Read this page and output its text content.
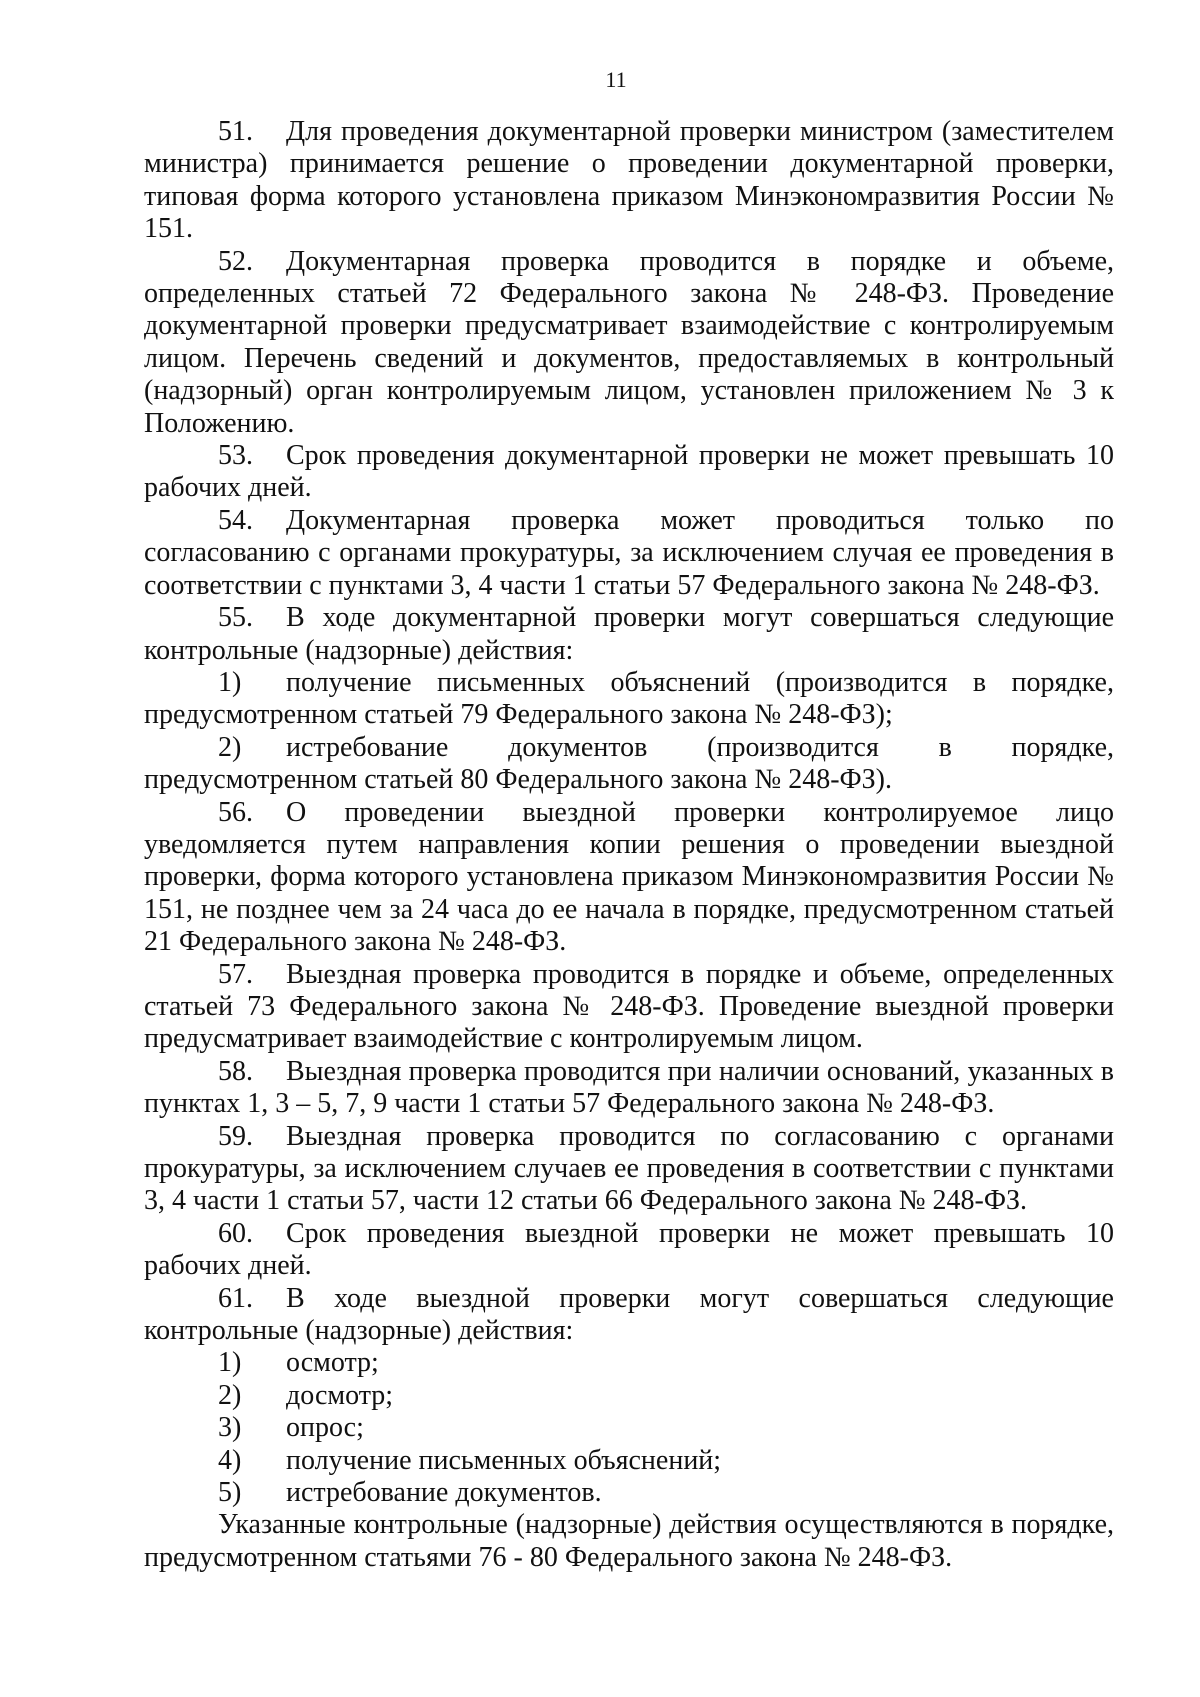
11

51. Для проведения документарной проверки министром (заместителем министра) принимается решение о проведении документарной проверки, типовая форма которого установлена приказом Минэкономразвития России № 151.

52. Документарная проверка проводится в порядке и объеме, определенных статьей 72 Федерального закона № 248-ФЗ. Проведение документарной проверки предусматривает взаимодействие с контролируемым лицом. Перечень сведений и документов, предоставляемых в контрольный (надзорный) орган контролируемым лицом, установлен приложением № 3 к Положению.

53. Срок проведения документарной проверки не может превышать 10 рабочих дней.

54. Документарная проверка может проводиться только по согласованию с органами прокуратуры, за исключением случая ее проведения в соответствии с пунктами 3, 4 части 1 статьи 57 Федерального закона № 248-ФЗ.

55. В ходе документарной проверки могут совершаться следующие контрольные (надзорные) действия:

1) получение письменных объяснений (производится в порядке, предусмотренном статьей 79 Федерального закона № 248-ФЗ);

2) истребование документов (производится в порядке, предусмотренном статьей 80 Федерального закона № 248-ФЗ).

56. О проведении выездной проверки контролируемое лицо уведомляется путем направления копии решения о проведении выездной проверки, форма которого установлена приказом Минэкономразвития России № 151, не позднее чем за 24 часа до ее начала в порядке, предусмотренном статьей 21 Федерального закона № 248-ФЗ.

57. Выездная проверка проводится в порядке и объеме, определенных статьей 73 Федерального закона № 248-ФЗ. Проведение выездной проверки предусматривает взаимодействие с контролируемым лицом.

58. Выездная проверка проводится при наличии оснований, указанных в пунктах 1, 3 – 5, 7, 9 части 1 статьи 57 Федерального закона № 248-ФЗ.

59. Выездная проверка проводится по согласованию с органами прокуратуры, за исключением случаев ее проведения в соответствии с пунктами 3, 4 части 1 статьи 57, части 12 статьи 66 Федерального закона № 248-ФЗ.

60. Срок проведения выездной проверки не может превышать 10 рабочих дней.

61. В ходе выездной проверки могут совершаться следующие контрольные (надзорные) действия:

1) осмотр;

2) досмотр;

3) опрос;

4) получение письменных объяснений;

5) истребование документов.

Указанные контрольные (надзорные) действия осуществляются в порядке, предусмотренном статьями 76 - 80 Федерального закона № 248-ФЗ.
